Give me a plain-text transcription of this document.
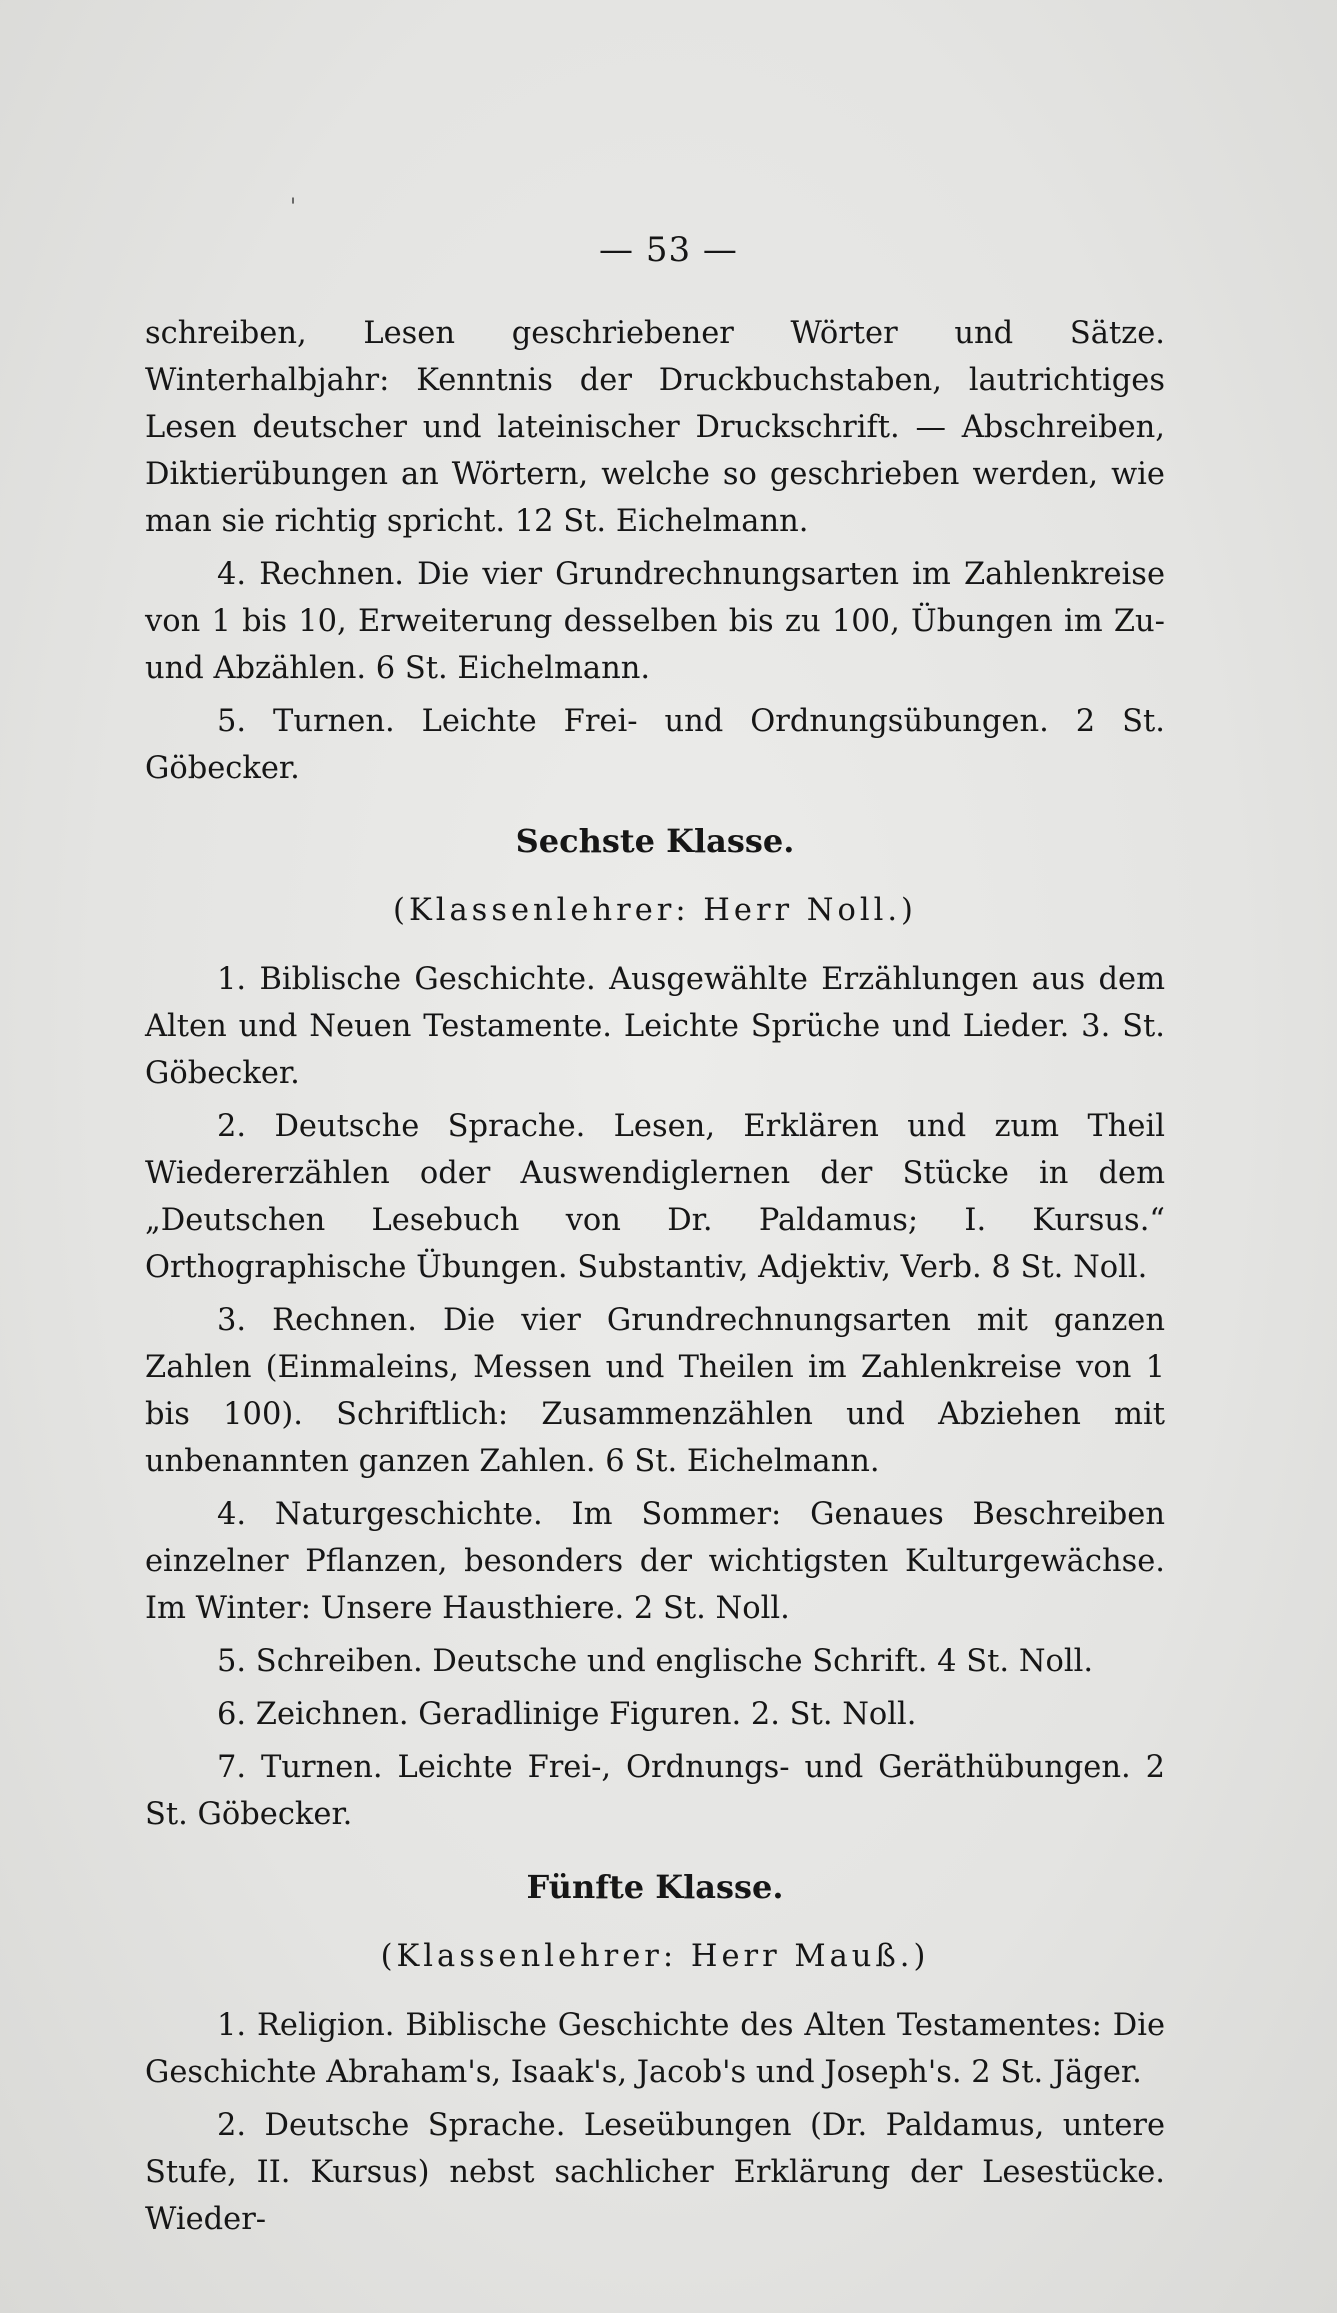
'
— 53 —

schreiben, Lesen geschriebener Wörter und Sätze. Winterhalbjahr: Kenntnis der Druckbuchstaben, lautrichtiges Lesen deutscher und lateinischer Druckschrift. — Abschreiben, Diktierübungen an Wörtern, welche so geschrieben werden, wie man sie richtig spricht. 12 St. Eichelmann.

4. Rechnen. Die vier Grundrechnungsarten im Zahlenkreise von 1 bis 10, Erweiterung desselben bis zu 100, Übungen im Zu- und Abzählen. 6 St. Eichelmann.

5. Turnen. Leichte Frei- und Ordnungsübungen. 2 St. Göbecker.

Sechste Klasse.
(Klassenlehrer: Herr Noll.)

1. Biblische Geschichte. Ausgewählte Erzählungen aus dem Alten und Neuen Testamente. Leichte Sprüche und Lieder. 3. St. Göbecker.

2. Deutsche Sprache. Lesen, Erklären und zum Theil Wiedererzählen oder Auswendiglernen der Stücke in dem „Deutschen Lesebuch von Dr. Paldamus; I. Kursus.“ Orthographische Übungen. Substantiv, Adjektiv, Verb. 8 St. Noll.

3. Rechnen. Die vier Grundrechnungsarten mit ganzen Zahlen (Einmaleins, Messen und Theilen im Zahlenkreise von 1 bis 100). Schriftlich: Zusammenzählen und Abziehen mit unbenannten ganzen Zahlen. 6 St. Eichelmann.

4. Naturgeschichte. Im Sommer: Genaues Beschreiben einzelner Pflanzen, besonders der wichtigsten Kulturgewächse. Im Winter: Unsere Hausthiere. 2 St. Noll.

5. Schreiben. Deutsche und englische Schrift. 4 St. Noll.

6. Zeichnen. Geradlinige Figuren. 2. St. Noll.

7. Turnen. Leichte Frei-, Ordnungs- und Geräthübungen. 2 St. Göbecker.

Fünfte Klasse.
(Klassenlehrer: Herr Mauß.)

1. Religion. Biblische Geschichte des Alten Testamentes: Die Geschichte Abraham's, Isaak's, Jacob's und Joseph's. 2 St. Jäger.

2. Deutsche Sprache. Leseübungen (Dr. Paldamus, untere Stufe, II. Kursus) nebst sachlicher Erklärung der Lesestücke. Wieder-
